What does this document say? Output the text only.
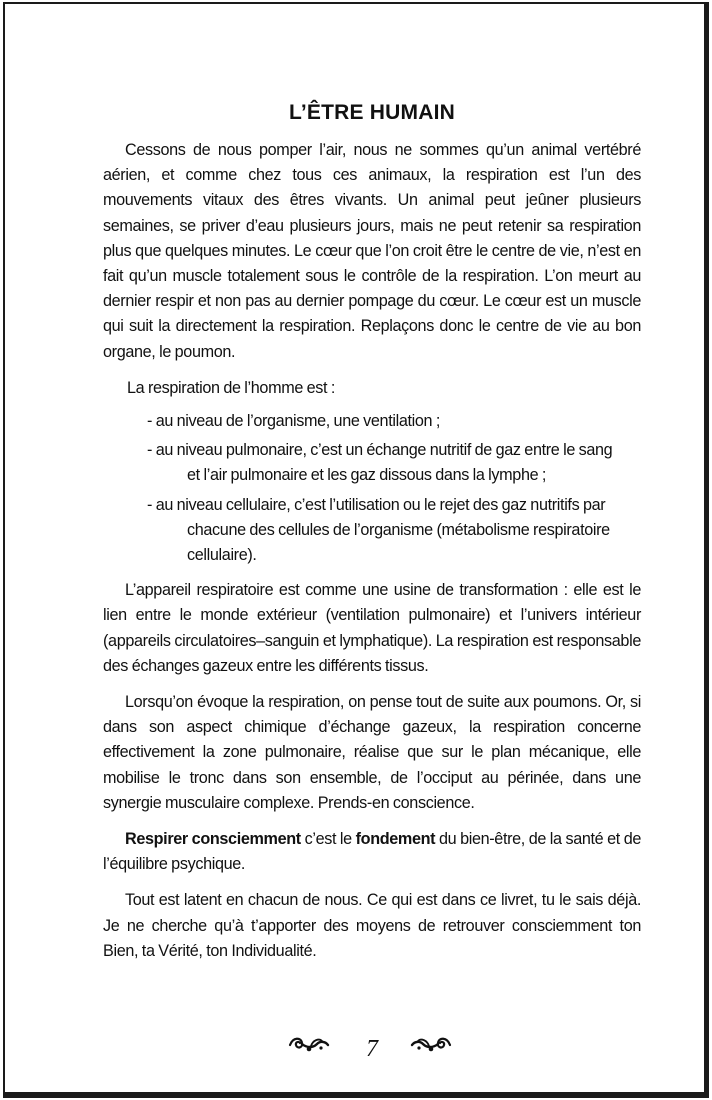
L’ÊTRE HUMAIN

Cessons de nous pomper l’air, nous ne sommes qu’un animal vertébré aérien, et comme chez tous ces animaux, la respiration est l’un des mouvements vitaux des êtres vivants. Un animal peut jeûner plusieurs semaines, se priver d’eau plusieurs jours, mais ne peut retenir sa respiration plus que quelques minutes. Le cœur que l’on croit être le centre de vie, n’est en fait qu’un muscle totalement sous le contrôle de la respiration. L’on meurt au dernier respir et non pas au dernier pompage du cœur. Le cœur est un muscle qui suit la directement la respiration. Replaçons donc le centre de vie au bon organe, le poumon.

La respiration de l’homme est :

- au niveau de l’organisme, une ventilation ;
- au niveau pulmonaire, c’est un échange nutritif de gaz entre le sang et l’air pulmonaire et les gaz dissous dans la lymphe ;
- au niveau cellulaire, c’est l’utilisation ou le rejet des gaz nutritifs par chacune des cellules de l’organisme (métabolisme respiratoire cellulaire).

L’appareil respiratoire est comme une usine de transformation : elle est le lien entre le monde extérieur (ventilation pulmonaire) et l’univers intérieur (appareils circulatoires–sanguin et lymphatique). La respiration est responsable des échanges gazeux entre les différents tissus.

Lorsqu’on évoque la respiration, on pense tout de suite aux poumons. Or, si dans son aspect chimique d’échange gazeux, la respiration concerne effectivement la zone pulmonaire, réalise que sur le plan mécanique, elle mobilise le tronc dans son ensemble, de l’occiput au périnée, dans une synergie musculaire complexe. Prends-en conscience.

Respirer consciemment c’est le fondement du bien-être, de la santé et de l’équilibre psychique.

Tout est latent en chacun de nous. Ce qui est dans ce livret, tu le sais déjà. Je ne cherche qu’à t’apporter des moyens de retrouver consciemment ton Bien, ta Vérité, ton Individualité.

7
